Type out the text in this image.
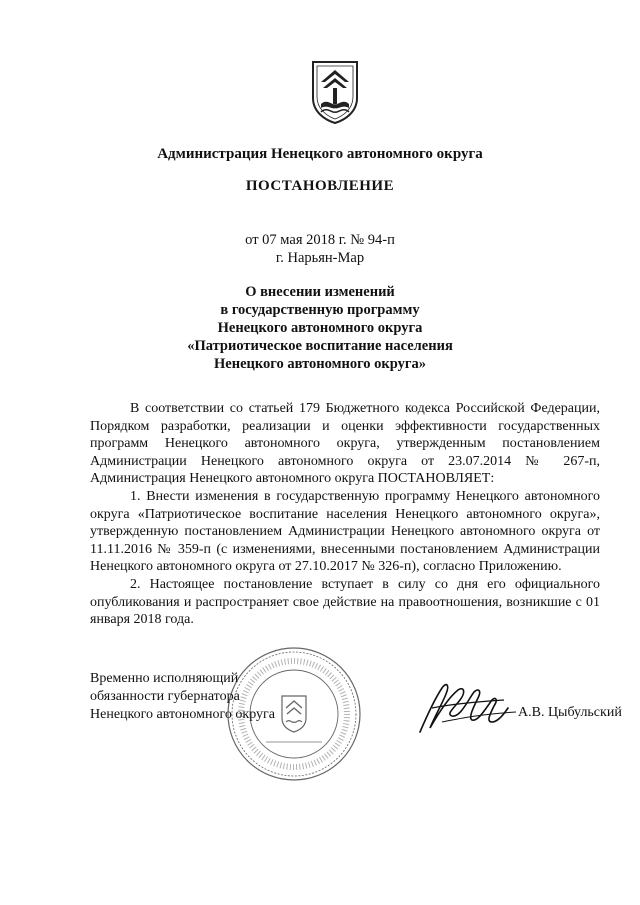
Администрация Ненецкого автономного округа
ПОСТАНОВЛЕНИЕ
от 07 мая 2018 г. № 94-п
г. Нарьян-Мар
О внесении изменений
в государственную программу
Ненецкого автономного округа
«Патриотическое воспитание населения
Ненецкого автономного округа»

В соответствии со статьей 179 Бюджетного кодекса Российской Федерации, Порядком разработки, реализации и оценки эффективности государственных программ Ненецкого автономного округа, утвержденным постановлением Администрации Ненецкого автономного округа от 23.07.2014 № 267-п, Администрация Ненецкого автономного округа ПОСТАНОВЛЯЕТ:

1. Внести изменения в государственную программу Ненецкого автономного округа «Патриотическое воспитание населения Ненецкого автономного округа», утвержденную постановлением Администрации Ненецкого автономного округа от 11.11.2016 № 359-п (с изменениями, внесенными постановлением Администрации Ненецкого автономного округа от 27.10.2017 № 326-п), согласно Приложению.

2. Настоящее постановление вступает в силу со дня его официального опубликования и распространяет свое действие на правоотношения, возникшие с 01 января 2018 года.

Временно исполняющий
обязанности губернатора
Ненецкого автономного округа	А.В. Цыбульский
